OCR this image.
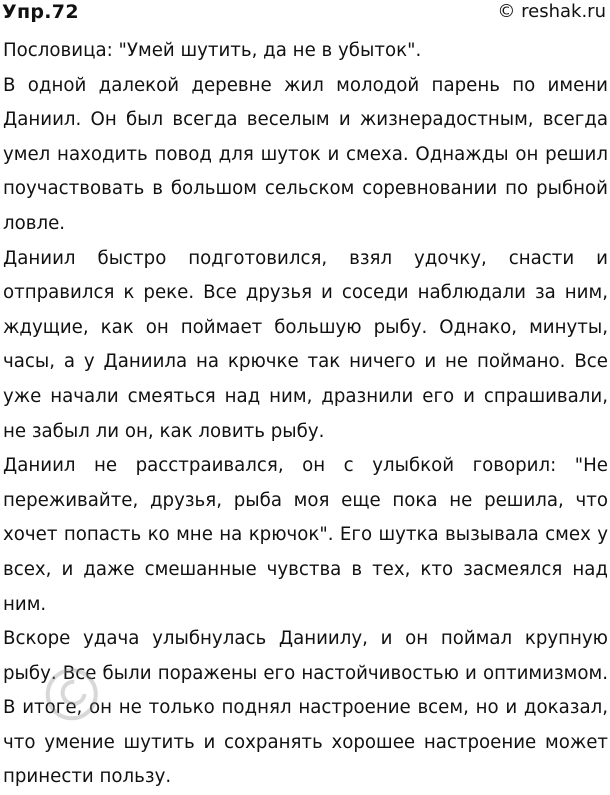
Упр.72	© reshak.ru

Пословица: "Умей шутить, да не в убыток".

В одной далекой деревне жил молодой парень по имени Даниил. Он был всегда веселым и жизнерадостным, всегда умел находить повод для шуток и смеха. Однажды он решил поучаствовать в большом сельском соревновании по рыбной ловле.

Даниил быстро подготовился, взял удочку, снасти и отправился к реке. Все друзья и соседи наблюдали за ним, ждущие, как он поймает большую рыбу. Однако, минуты, часы, а у Даниила на крючке так ничего и не поймано. Все уже начали смеяться над ним, дразнили его и спрашивали, не забыл ли он, как ловить рыбу.

Даниил не расстраивался, он с улыбкой говорил: "Не переживайте, друзья, рыба моя еще пока не решила, что хочет попасть ко мне на крючок". Его шутка вызывала смех у всех, и даже смешанные чувства в тех, кто засмеялся над ним.

Вскоре удача улыбнулась Даниилу, и он поймал крупную рыбу. Все были поражены его настойчивостью и оптимизмом. В итоге, он не только поднял настроение всем, но и доказал, что умение шутить и сохранять хорошее настроение может принести пользу.
